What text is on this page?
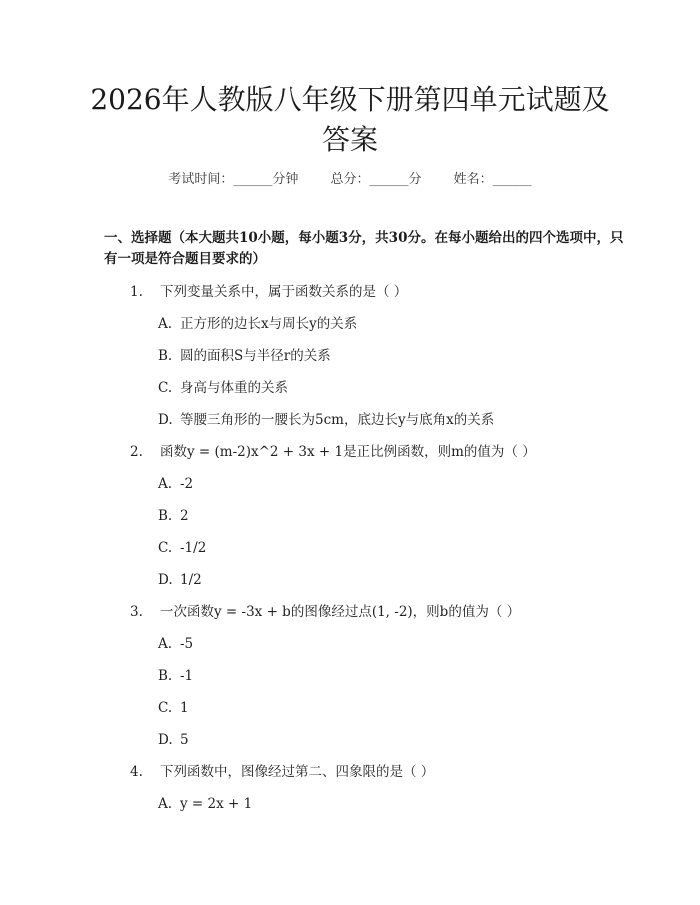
2026年人教版八年级下册第四单元试题及答案
考试时间：______分钟 总分：______分 姓名：______
一、选择题（本大题共10小题，每小题3分，共30分。在每小题给出的四个选项中，只有一项是符合题目要求的）
1. 下列变量关系中，属于函数关系的是（ ）
A. 正方形的边长x与周长y的关系
B. 圆的面积S与半径r的关系
C. 身高与体重的关系
D. 等腰三角形的一腰长为5cm，底边长y与底角x的关系
2. 函数y = (m-2)x^2 + 3x + 1是正比例函数，则m的值为（ ）
A. -2
B. 2
C. -1/2
D. 1/2
3. 一次函数y = -3x + b的图像经过点(1, -2)，则b的值为（ ）
A. -5
B. -1
C. 1
D. 5
4. 下列函数中，图像经过第二、四象限的是（ ）
A. y = 2x + 1
